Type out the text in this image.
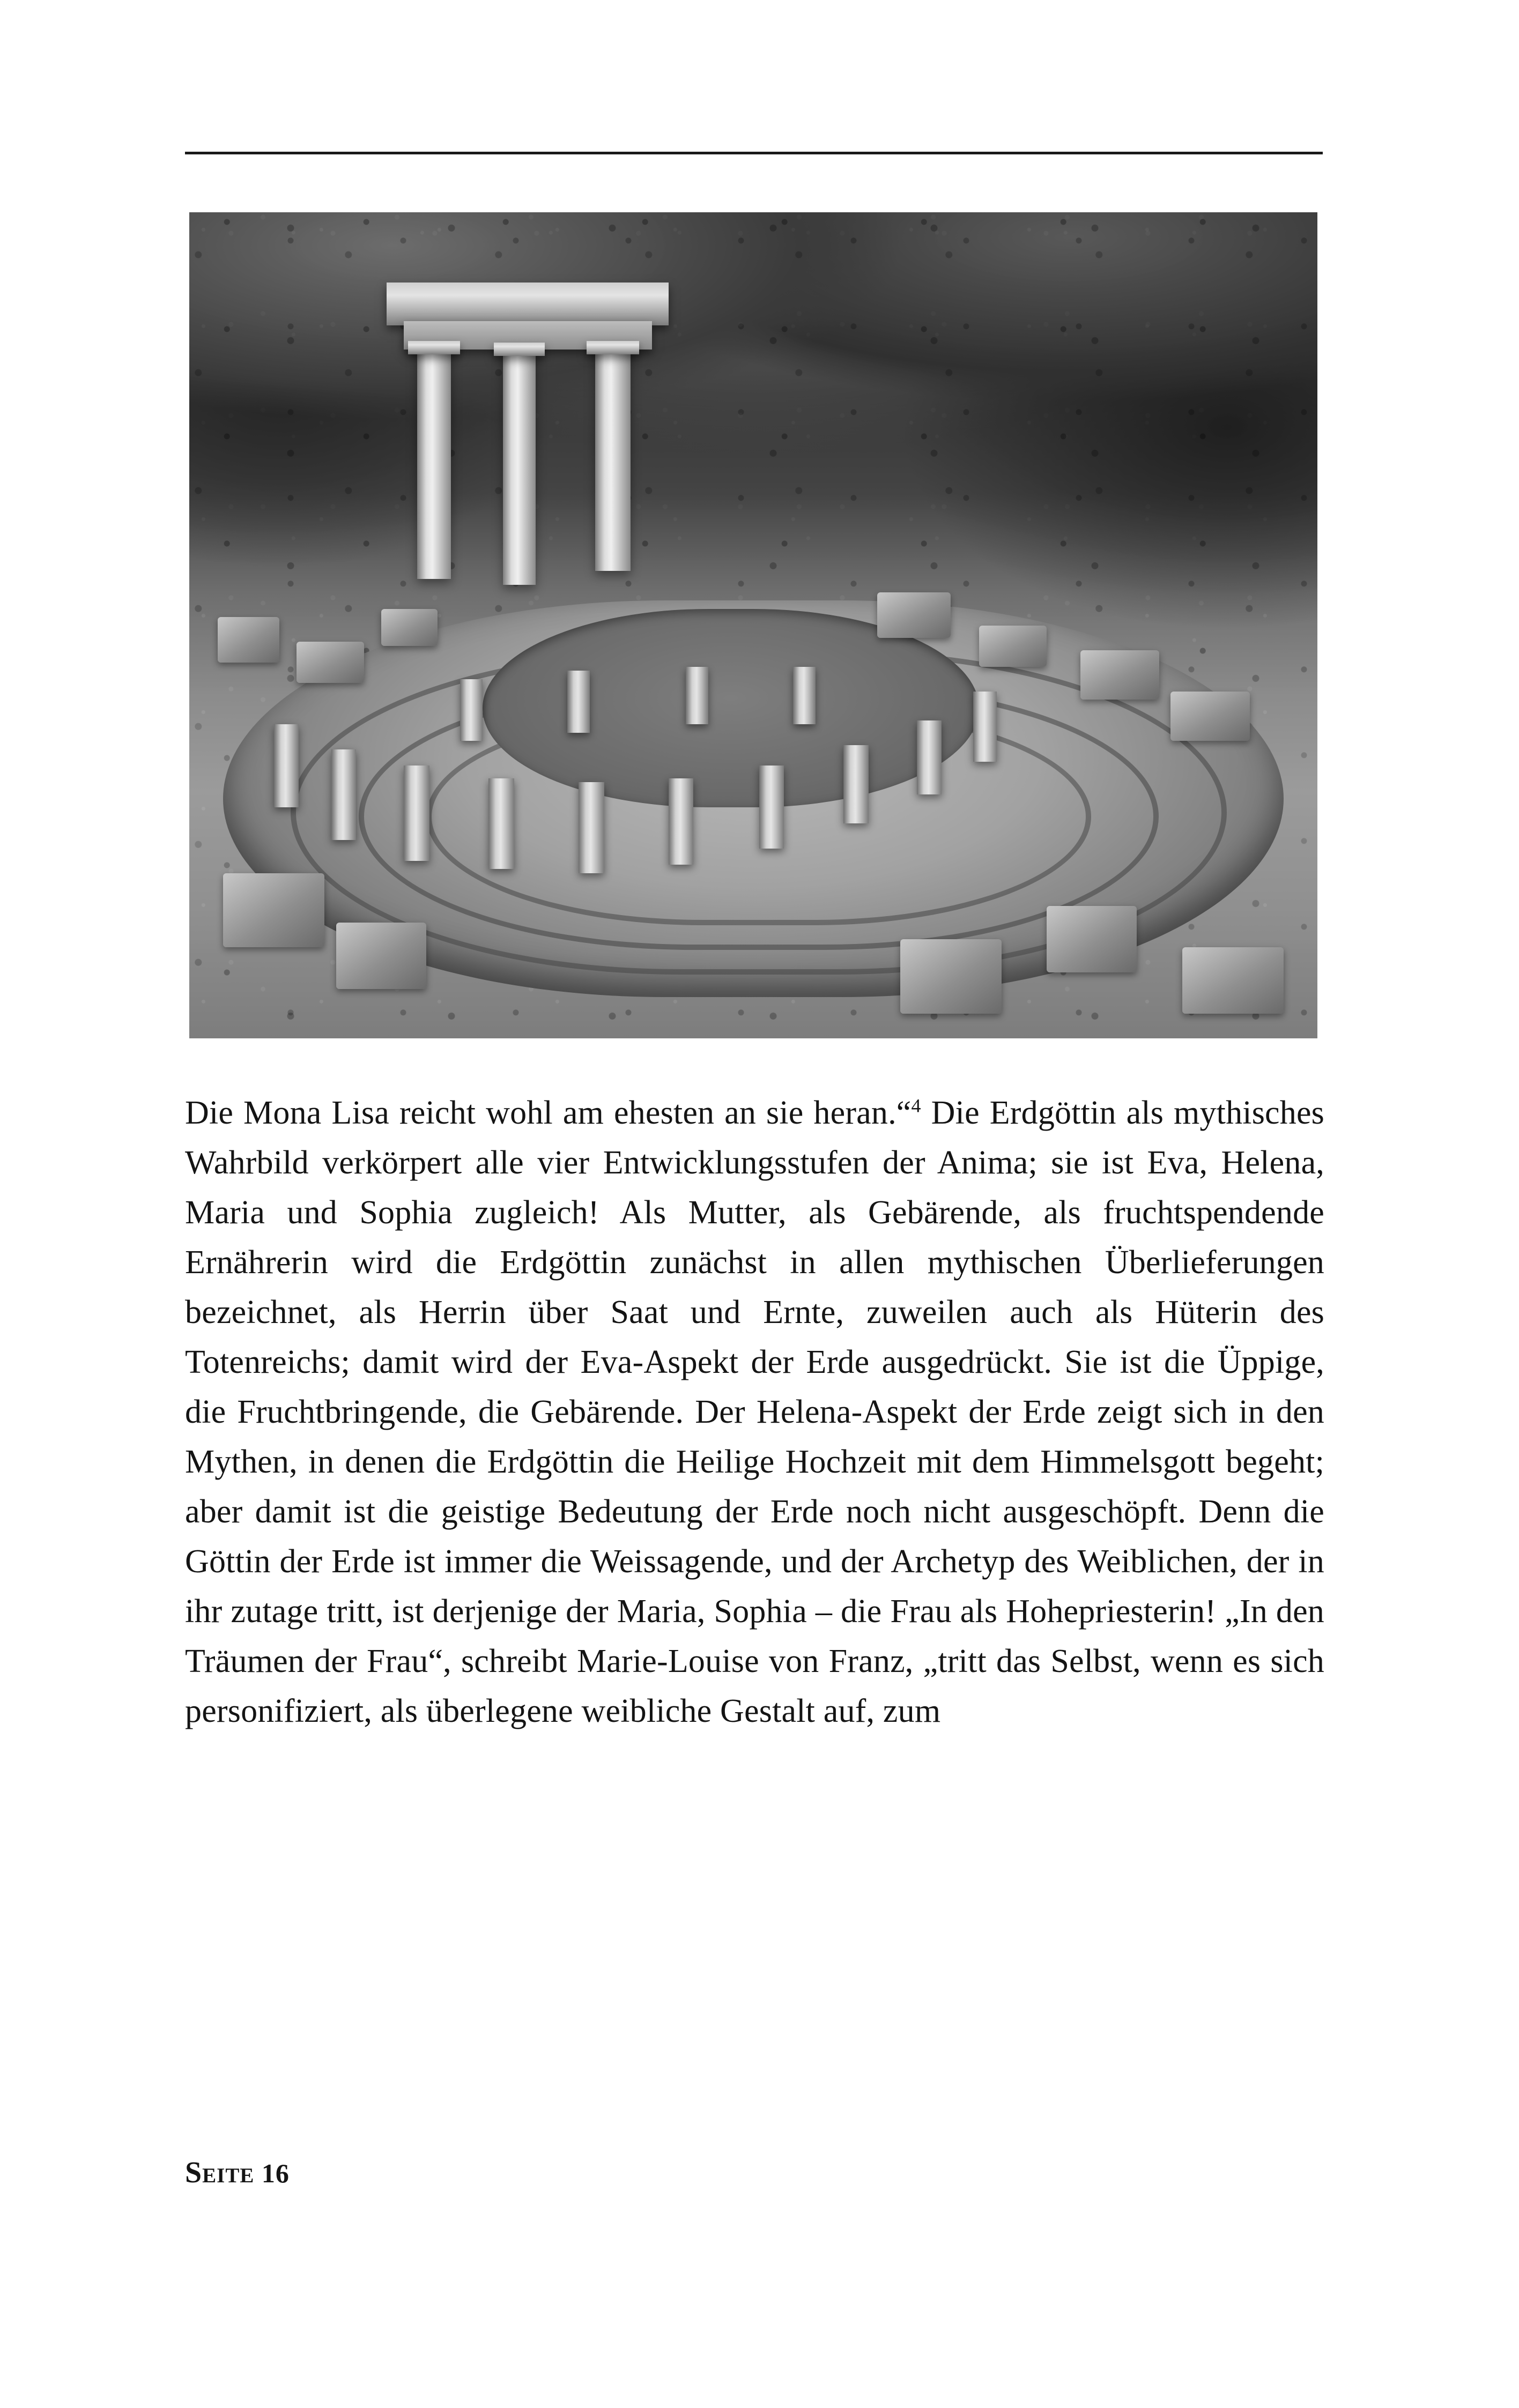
Die Mona Lisa reicht wohl am ehesten an sie heran.“$^4$ Die Erdgöttin als mythisches Wahrbild verkörpert alle vier Entwicklungsstufen der Anima; sie ist Eva, Helena, Maria und Sophia zugleich! Als Mutter, als Gebärende, als fruchtspendende Ernährerin wird die Erdgöttin zunächst in allen mythischen Überlieferungen bezeichnet, als Herrin über Saat und Ernte, zuweilen auch als Hüterin des Totenreichs; damit wird der Eva-Aspekt der Erde ausgedrückt. Sie ist die Üppige, die Fruchtbringende, die Gebärende. Der Helena-Aspekt der Erde zeigt sich in den Mythen, in denen die Erdgöttin die Heilige Hochzeit mit dem Himmelsgott begeht; aber damit ist die geistige Bedeutung der Erde noch nicht ausgeschöpft. Denn die Göttin der Erde ist immer die Weissagende, und der Archetyp des Weiblichen, der in ihr zutage tritt, ist derjenige der Maria, Sophia – die Frau als Hohepriesterin! „In den Träumen der Frau“, schreibt Marie-Louise von Franz, „tritt das Selbst, wenn es sich personifiziert, als überlegene weibliche Gestalt auf, zum

Seite 16
